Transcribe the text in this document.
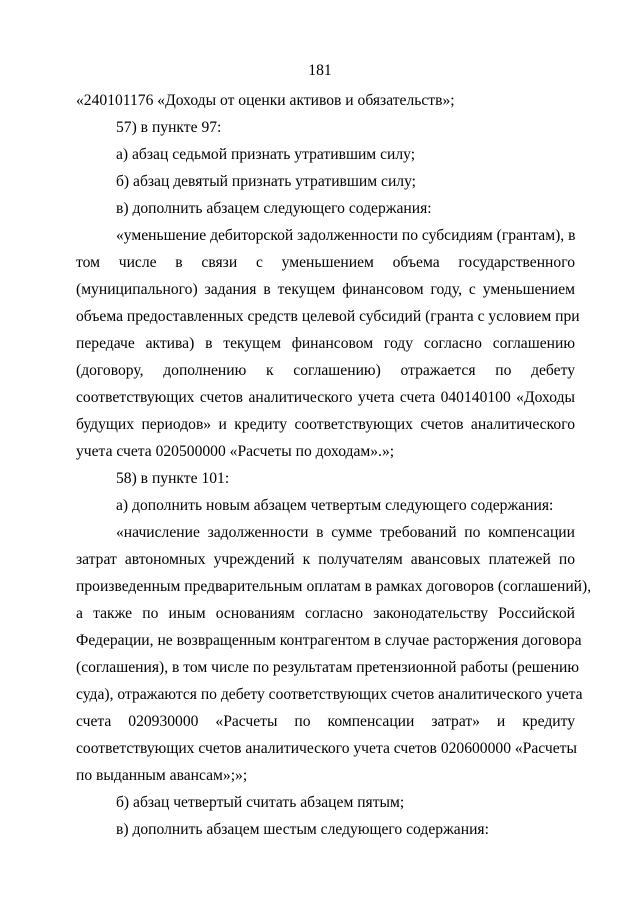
181
«240101176 «Доходы от оценки активов и обязательств»;
57) в пункте 97:
а) абзац седьмой признать утратившим силу;
б) абзац девятый признать утратившим силу;
в) дополнить абзацем следующего содержания:
«уменьшение дебиторской задолженности по субсидиям (грантам), в
том числе в связи с уменьшением объема государственного
(муниципального) задания в текущем финансовом году, с уменьшением
объема предоставленных средств целевой субсидий (гранта с условием при
передаче актива) в текущем финансовом году согласно соглашению
(договору, дополнению к соглашению) отражается по дебету
соответствующих счетов аналитического учета счета 040140100 «Доходы
будущих периодов» и кредиту соответствующих счетов аналитического
учета счета 020500000 «Расчеты по доходам».»;
58) в пункте 101:
а) дополнить новым абзацем четвертым следующего содержания:
«начисление задолженности в сумме требований по компенсации
затрат автономных учреждений к получателям авансовых платежей по
произведенным предварительным оплатам в рамках договоров (соглашений),
а также по иным основаниям согласно законодательству Российской
Федерации, не возвращенным контрагентом в случае расторжения договора
(соглашения), в том числе по результатам претензионной работы (решению
суда), отражаются по дебету соответствующих счетов аналитического учета
счета 020930000 «Расчеты по компенсации затрат» и кредиту
соответствующих счетов аналитического учета счетов 020600000 «Расчеты
по выданным авансам»;»;
б) абзац четвертый считать абзацем пятым;
в) дополнить абзацем шестым следующего содержания:
